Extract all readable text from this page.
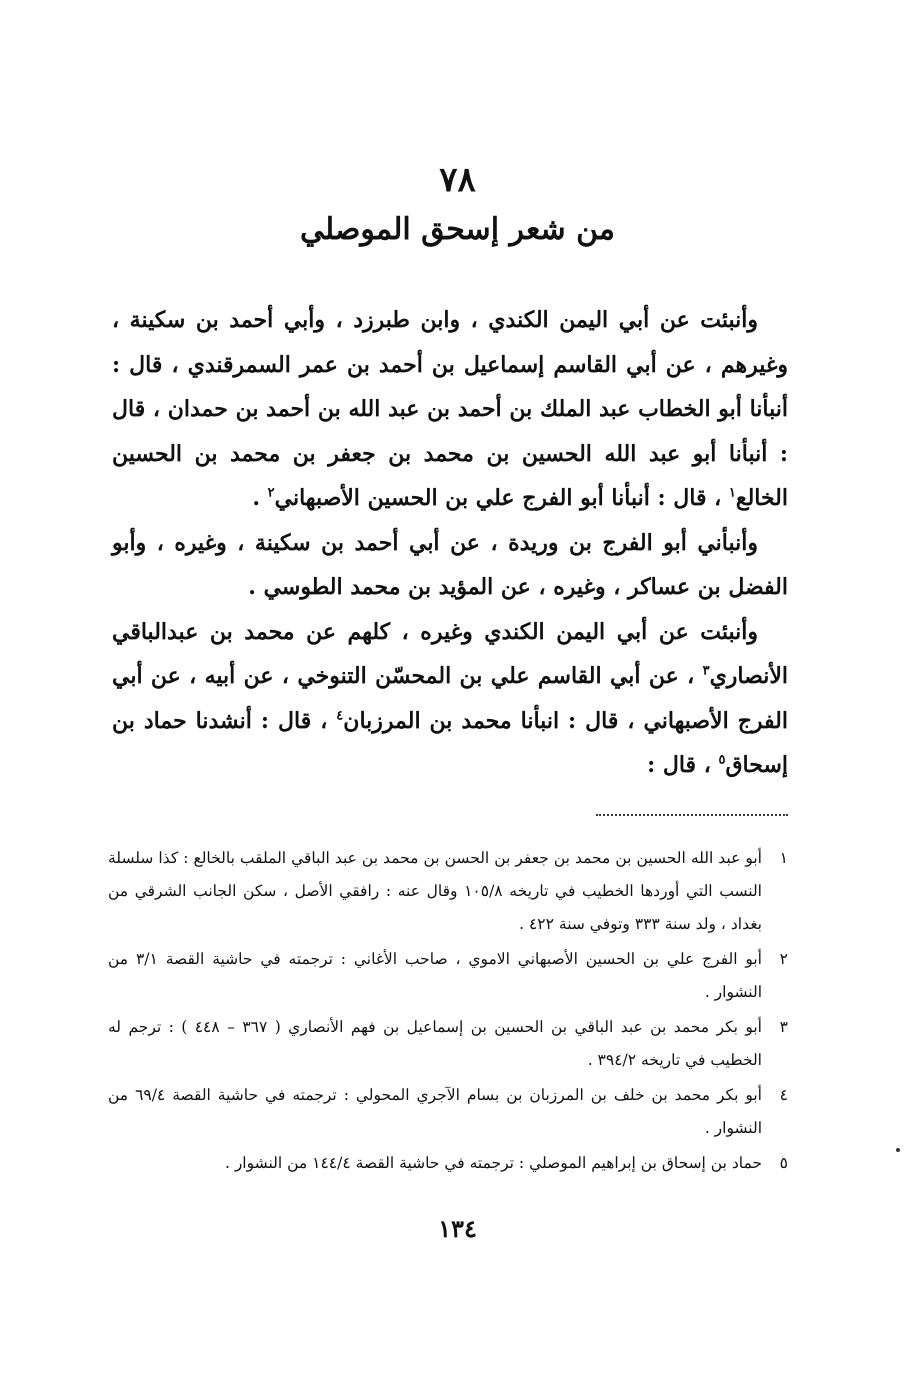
٧٨
من شعر إسحق الموصلي

وأنبئت عن أبي اليمن الكندي ، وابن طبرزد ، وأبي أحمد بن سكينة ، وغيرهم ، عن أبي القاسم إسماعيل بن أحمد بن عمر السمرقندي ، قال : أنبأنا أبو الخطاب عبد الملك بن أحمد بن عبد الله بن أحمد بن حمدان ، قال : أنبأنا أبو عبد الله الحسين بن محمد بن جعفر بن محمد بن الحسين الخالع$^١$ ، قال : أنبأنا أبو الفرج علي بن الحسين الأصبهاني$^٢$ .

وأنبأني أبو الفرج بن وريدة ، عن أبي أحمد بن سكينة ، وغيره ، وأبو الفضل بن عساكر ، وغيره ، عن المؤيد بن محمد الطوسي .

وأنبئت عن أبي اليمن الكندي وغيره ، كلهم عن محمد بن عبدالباقي الأنصاري$^٣$ ، عن أبي القاسم علي بن المحسّن التنوخي ، عن أبيه ، عن أبي الفرج الأصبهاني ، قال : انبأنا محمد بن المرزبان$^٤$ ، قال : أنشدنا حماد بن إسحاق$^٥$ ، قال :

١
أبو عبد الله الحسين بن محمد بن جعفر بن الحسن بن محمد بن عبد الباقي الملقب بالخالع : كذا سلسلة النسب التي أوردها الخطيب في تاريخه ١٠٥/٨ وقال عنه : رافقي الأصل ، سكن الجانب الشرقي من بغداد ، ولد سنة ٣٣٣ وتوفي سنة ٤٢٢ .
٢
أبو الفرج علي بن الحسين الأصبهاني الاموي ، صاحب الأغاني : ترجمته في حاشية القصة ٣/١ من النشوار .
٣
أبو بكر محمد بن عبد الباقي بن الحسين بن إسماعيل بن فهم الأنصاري ( ٣٦٧ – ٤٤٨ ) : ترجم له الخطيب في تاريخه ٣٩٤/٢ .
٤
أبو بكر محمد بن خلف بن المرزبان بن بسام الآجري المحولي : ترجمته في حاشية القصة ٦٩/٤ من النشوار .
٥
حماد بن إسحاق بن إبراهيم الموصلي : ترجمته في حاشية القصة ١٤٤/٤ من النشوار .
١٣٤
